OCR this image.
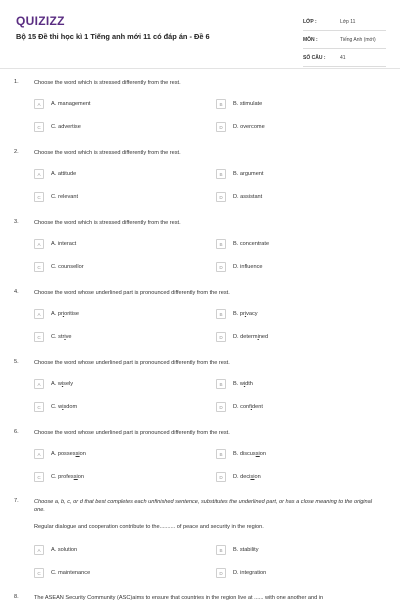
QUIZIZZ
Bộ 15 Đề thi học kì 1 Tiếng anh mới 11 có đáp án - Đề 6
LỚP :	Lớp 11
MÔN :	Tiếng Anh (mới)
SỐ CÂU :	41
1.	Choose the word which is stressed differently from the rest.
A	A. management	B	B. stimulate
C	C. advertise	D	D. overcome
2.	Choose the word which is stressed differently from the rest.
A	A. attitude	B	B. argument
C	C. relevant	D	D. assistant
3.	Choose the word which is stressed differently from the rest.
A	A. interact	B	B. concentrate
C	C. counsellor	D	D. influence
4.	Choose the word whose underlined part is pronounced differently from the rest.
A	A. prioritise	B	B. privacy
C	C. strive	D	D. determined
5.	Choose the word whose underlined part is pronounced differently from the rest.
A	A. wisely	B	B. width
C	C. wisdom	D	D. confident
6.	Choose the word whose underlined part is pronounced differently from the rest.
A	A. possession	B	B. discussion
C	C. profession	D	D. decision
7.	Choose a, b, c, or d that best completes each unfinished sentence, substitutes the underlined part, or has a close meaning to the original one.
Regular dialogue and cooperation contribute to the.......... of peace and security in the region.
A	A. solution	B	B. stability
C	C. maintenance	D	D. integration
8.	The ASEAN Security Community (ASC)aims to ensure that countries in the region live at ...... with one another and in
